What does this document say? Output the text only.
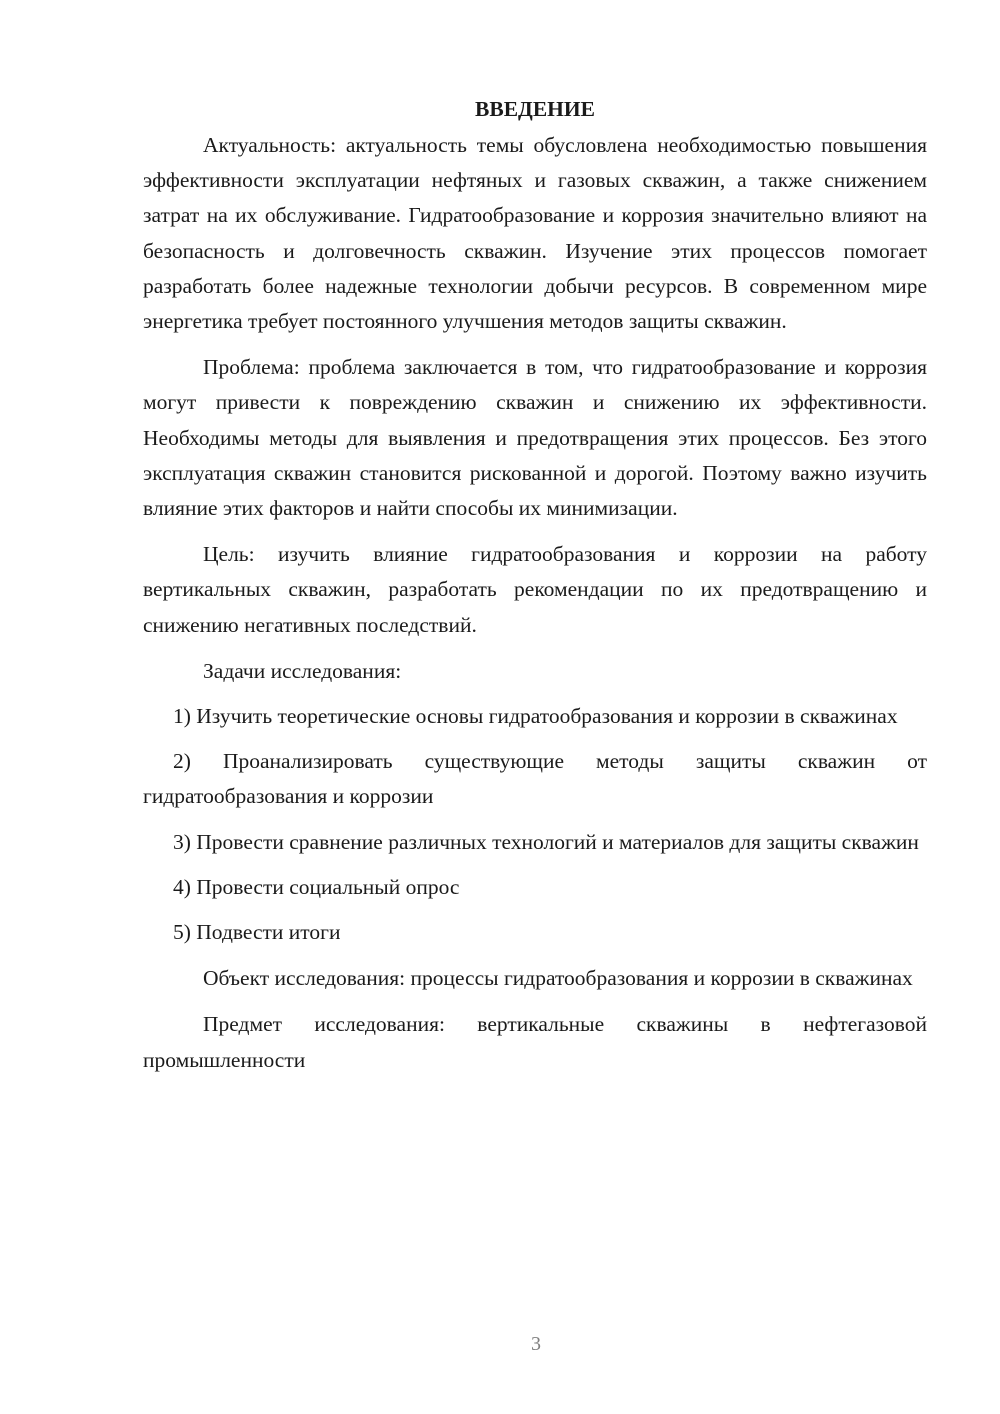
ВВЕДЕНИЕ

Актуальность: актуальность темы обусловлена необходимостью повышения эффективности эксплуатации нефтяных и газовых скважин, а также снижением затрат на их обслуживание. Гидратообразование и коррозия значительно влияют на безопасность и долговечность скважин. Изучение этих процессов помогает разработать более надежные технологии добычи ресурсов. В современном мире энергетика требует постоянного улучшения методов защиты скважин.

Проблема: проблема заключается в том, что гидратообразование и коррозия могут привести к повреждению скважин и снижению их эффективности. Необходимы методы для выявления и предотвращения этих процессов. Без этого эксплуатация скважин становится рискованной и дорогой. Поэтому важно изучить влияние этих факторов и найти способы их минимизации.

Цель: изучить влияние гидратообразования и коррозии на работу вертикальных скважин, разработать рекомендации по их предотвращению и снижению негативных последствий.

Задачи исследования:

1) Изучить теоретические основы гидратообразования и коррозии в скважинах

2) Проанализировать существующие методы защиты скважин от гидратообразования и коррозии

3) Провести сравнение различных технологий и материалов для защиты скважин

4) Провести социальный опрос

5) Подвести итоги

Объект исследования: процессы гидратообразования и коррозии в скважинах

Предмет исследования: вертикальные скважины в нефтегазовой промышленности

3
